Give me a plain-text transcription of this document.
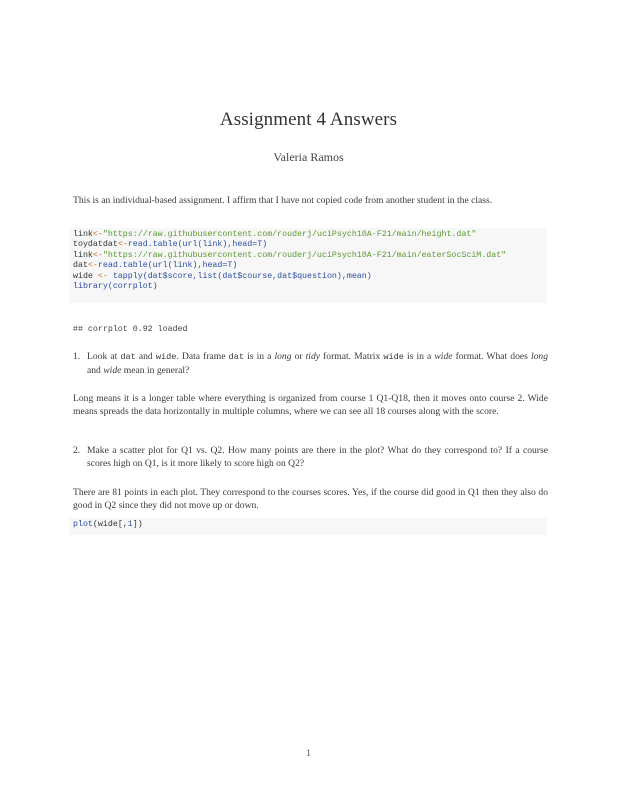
Assignment 4 Answers
Valeria Ramos
This is an individual-based assignment. I affirm that I have not copied code from another student in the class.
link<-"https://raw.githubusercontent.com/rouderj/uciPsych10A-F21/main/height.dat"
toydatdat<-read.table(url(link),head=T)
link<-"https://raw.githubusercontent.com/rouderj/uciPsych10A-F21/main/eaterSocSciM.dat"
dat<-read.table(url(link),head=T)
wide <- tapply(dat$score,list(dat$course,dat$question),mean)
library(corrplot)
## corrplot 0.92 loaded
1. Look at dat and wide. Data frame dat is in a long or tidy format. Matrix wide is in a wide format. What does long and wide mean in general?
Long means it is a longer table where everything is organized from course 1 Q1-Q18, then it moves onto course 2. Wide means spreads the data horizontally in multiple columns, where we can see all 18 courses along with the score.
2. Make a scatter plot for Q1 vs. Q2. How many points are there in the plot? What do they correspond to? If a course scores high on Q1, is it more likely to score high on Q2?
There are 81 points in each plot. They correspond to the courses scores. Yes, if the course did good in Q1 then they also do good in Q2 since they did not move up or down.
plot(wide[,1])
1
